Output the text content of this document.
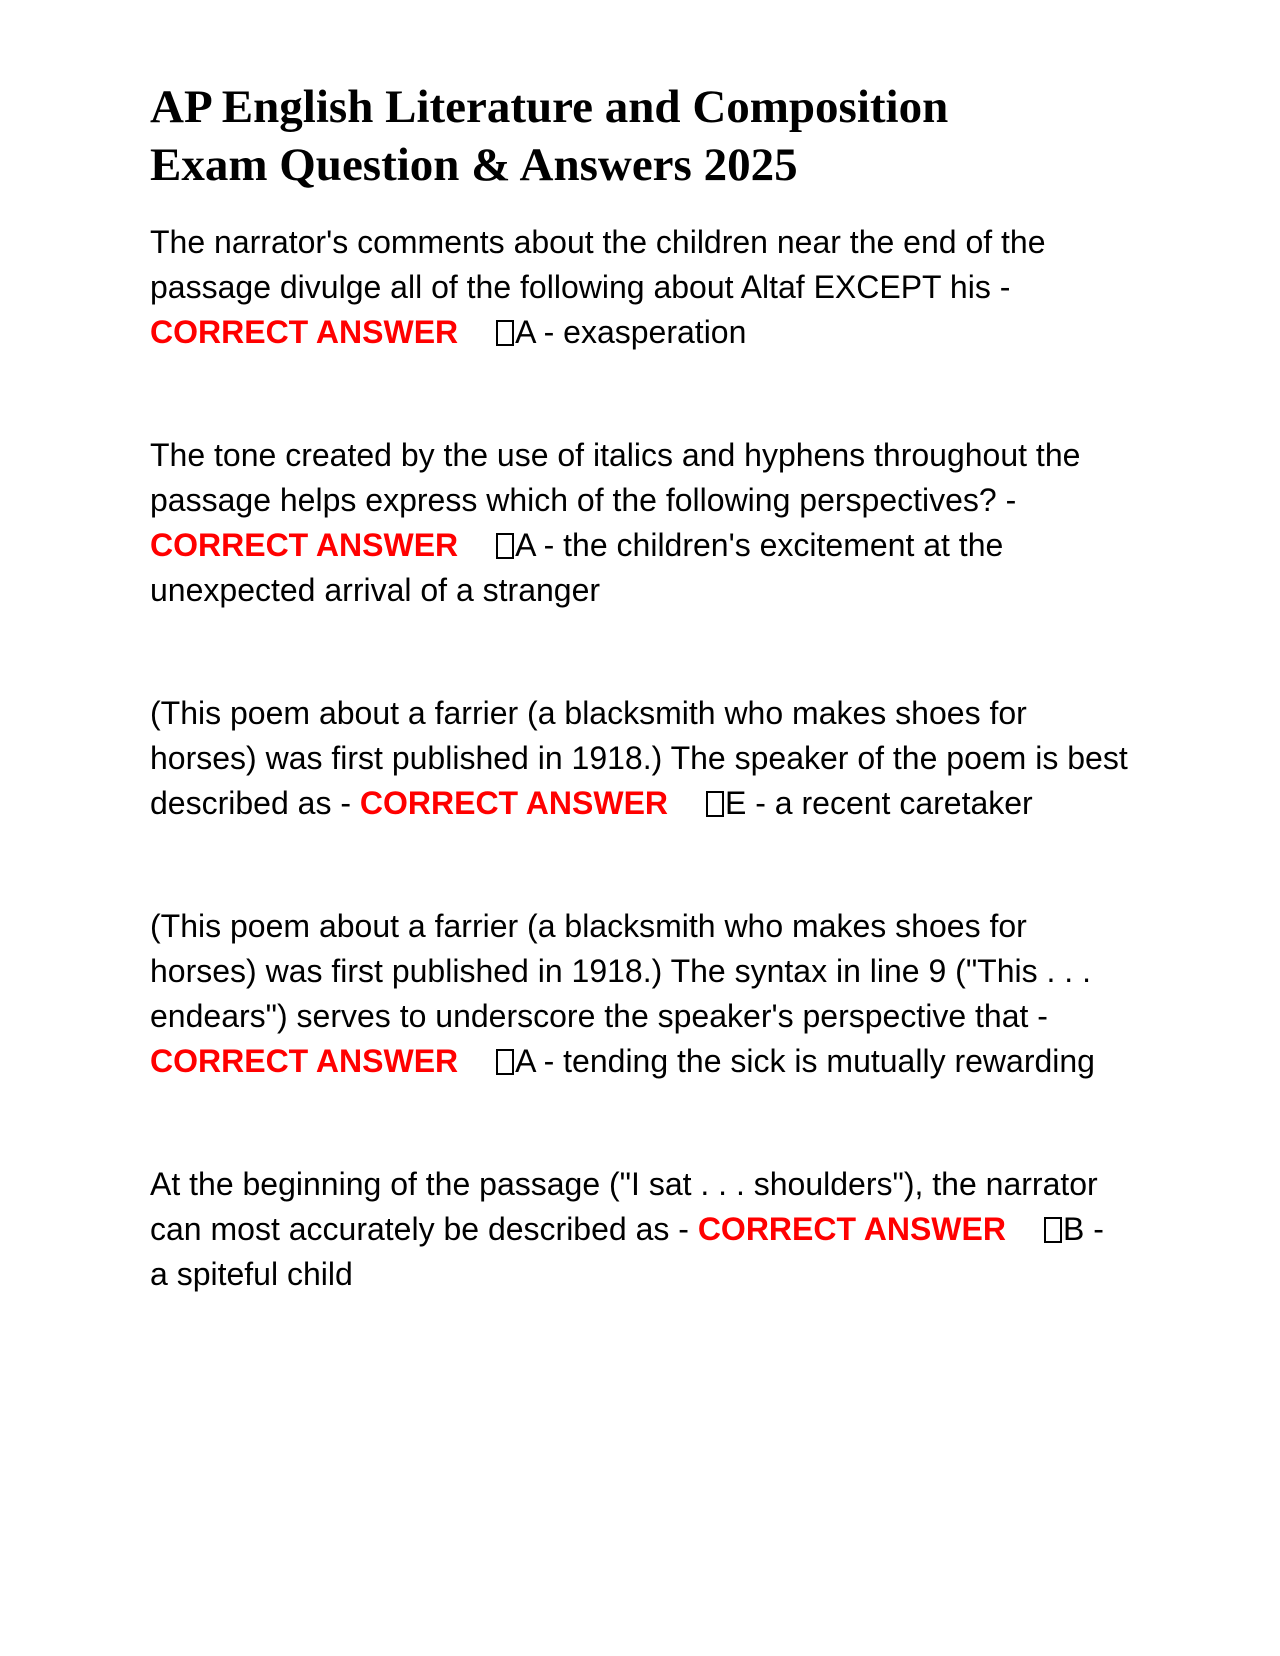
AP English Literature and Composition
Exam Question & Answers 2025

The narrator's comments about the children near the end of the passage divulge all of the following about Altaf EXCEPT his -
CORRECT ANSWER A - exasperation

The tone created by the use of italics and hyphens throughout the passage helps express which of the following perspectives? -
CORRECT ANSWER A - the children's excitement at the unexpected arrival of a stranger

(This poem about a farrier (a blacksmith who makes shoes for horses) was first published in 1918.) The speaker of the poem is best described as - CORRECT ANSWER E - a recent caretaker

(This poem about a farrier (a blacksmith who makes shoes for horses) was first published in 1918.) The syntax in line 9 ("This . . . endears") serves to underscore the speaker's perspective that - CORRECT ANSWER A - tending the sick is mutually rewarding

At the beginning of the passage ("I sat . . . shoulders"), the narrator can most accurately be described as - CORRECT ANSWER B - a spiteful child
